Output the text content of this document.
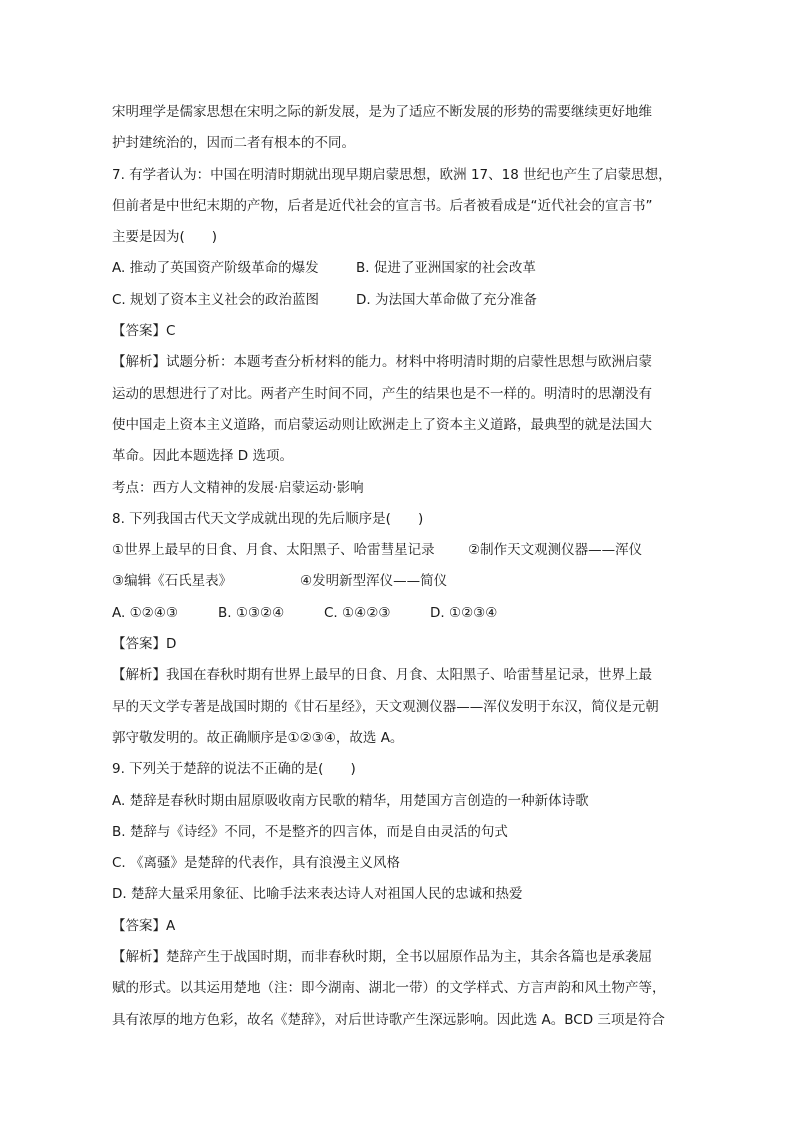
宋明理学是儒家思想在宋明之际的新发展，是为了适应不断发展的形势的需要继续更好地维
护封建统治的，因而二者有根本的不同。
7. 有学者认为：中国在明清时期就出现早期启蒙思想，欧洲 17、18 世纪也产生了启蒙思想，
但前者是中世纪末期的产物，后者是近代社会的宣言书。后者被看成是“近代社会的宣言书”
主要是因为(　　)
A. 推动了英国资产阶级革命的爆发	B. 促进了亚洲国家的社会改革
C. 规划了资本主义社会的政治蓝图	D. 为法国大革命做了充分准备
【答案】C
【解析】试题分析：本题考查分析材料的能力。材料中将明清时期的启蒙性思想与欧洲启蒙
运动的思想进行了对比。两者产生时间不同，产生的结果也是不一样的。明清时的思潮没有
使中国走上资本主义道路，而启蒙运动则让欧洲走上了资本主义道路，最典型的就是法国大
革命。因此本题选择 D 选项。
考点：西方人文精神的发展·启蒙运动·影响
8. 下列我国古代天文学成就出现的先后顺序是(　　)
①世界上最早的日食、月食、太阳黑子、哈雷彗星记录	②制作天文观测仪器——浑仪
③编辑《石氏星表》	④发明新型浑仪——简仪
A. ①②④③	B. ①③②④	C. ①④②③	D. ①②③④
【答案】D
【解析】我国在春秋时期有世界上最早的日食、月食、太阳黑子、哈雷彗星记录，世界上最
早的天文学专著是战国时期的《甘石星经》，天文观测仪器——浑仪发明于东汉，简仪是元朝
郭守敬发明的。故正确顺序是①②③④，故选 A。
9. 下列关于楚辞的说法不正确的是(　　)
A. 楚辞是春秋时期由屈原吸收南方民歌的精华，用楚国方言创造的一种新体诗歌
B. 楚辞与《诗经》不同，不是整齐的四言体，而是自由灵活的句式
C. 《离骚》是楚辞的代表作，具有浪漫主义风格
D. 楚辞大量采用象征、比喻手法来表达诗人对祖国人民的忠诚和热爱
【答案】A
【解析】楚辞产生于战国时期，而非春秋时期，全书以屈原作品为主，其余各篇也是承袭屈
赋的形式。以其运用楚地（注：即今湖南、湖北一带）的文学样式、方言声韵和风土物产等，
具有浓厚的地方色彩，故名《楚辞》，对后世诗歌产生深远影响。因此选 A。BCD 三项是符合
